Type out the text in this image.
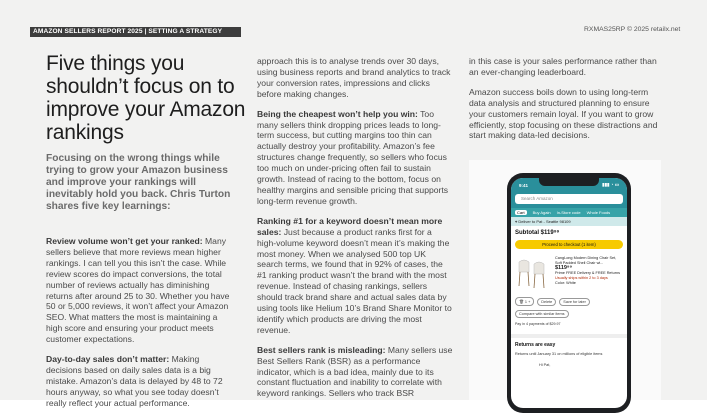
AMAZON SELLERS REPORT 2025 | SETTING A STRATEGY	RXMAS25RP © 2025 retailx.net
Five things you shouldn’t focus on to improve your Amazon rankings

Focusing on the wrong things while trying to grow your Amazon business and improve your rankings will inevitably hold you back. Chris Turton shares five key learnings:

Review volume won’t get your ranked: Many sellers believe that more reviews mean higher rankings. I can tell you this isn’t the case. While review scores do impact conversions, the total number of reviews actually has diminishing returns after around 25 to 30. Whether you have 50 or 5,000 reviews, it won’t affect your Amazon SEO. What matters the most is maintaining a high score and ensuring your product meets customer expectations.

Day-to-day sales don’t matter: Making decisions based on daily sales data is a big mistake. Amazon’s data is delayed by 48 to 72 hours anyway, so what you see today doesn’t really reflect your actual performance.

approach this is to analyse trends over 30 days, using business reports and brand analytics to track your conversion rates, impressions and clicks before making changes.

Being the cheapest won’t help you win: Too many sellers think dropping prices leads to long-term success, but cutting margins too thin can actually destroy your profitability. Amazon’s fee structures change frequently, so sellers who focus too much on under-pricing often fail to sustain growth. Instead of racing to the bottom, focus on healthy margins and sensible pricing that supports long-term revenue growth.

Ranking #1 for a keyword doesn’t mean more sales: Just because a product ranks first for a high-volume keyword doesn’t mean it’s making the most money. When we analysed 500 top UK search terms, we found that in 92% of cases, the #1 ranking product wasn’t the brand with the most revenue. Instead of chasing rankings, sellers should track brand share and actual sales data by using tools like Helium 10’s Brand Share Monitor to identify which products are driving the most revenue.

Best sellers rank is misleading: Many sellers use Best Sellers Rank (BSR) as a performance indicator, which is a bad idea, mainly due to its constant fluctuation and inability to correlate with keyword rankings. Sellers who track BSR

in this case is your sales performance rather than an ever-changing leaderboard.

Amazon success boils down to using long-term data analysis and structured planning to ensure your customers remain loyal. If you want to grow efficiently, stop focusing on these distractions and start making data-led decisions.

9:41	▮▮▮ ◔ ▭
Search Amazon
Cart	Buy Again In-Store code Whole Foods
⌖ Deliver to Pat - Seattle 98109
Subtotal $119⁹⁹
Proceed to checkout (1 item)
CangLong Modern Dining Chair Set, Soft Padded Shell Chair wi...
$119⁹⁹
Prime FREE Delivery & FREE Returns
Usually ships within 2 to 3 days
Color: White
🗑 1 +	Delete	Save for later
Compare with similar items
Pay in 4 payments of $29.97
Returns are easy
Returns until January 31 on millions of eligible items
Hi Pat,
